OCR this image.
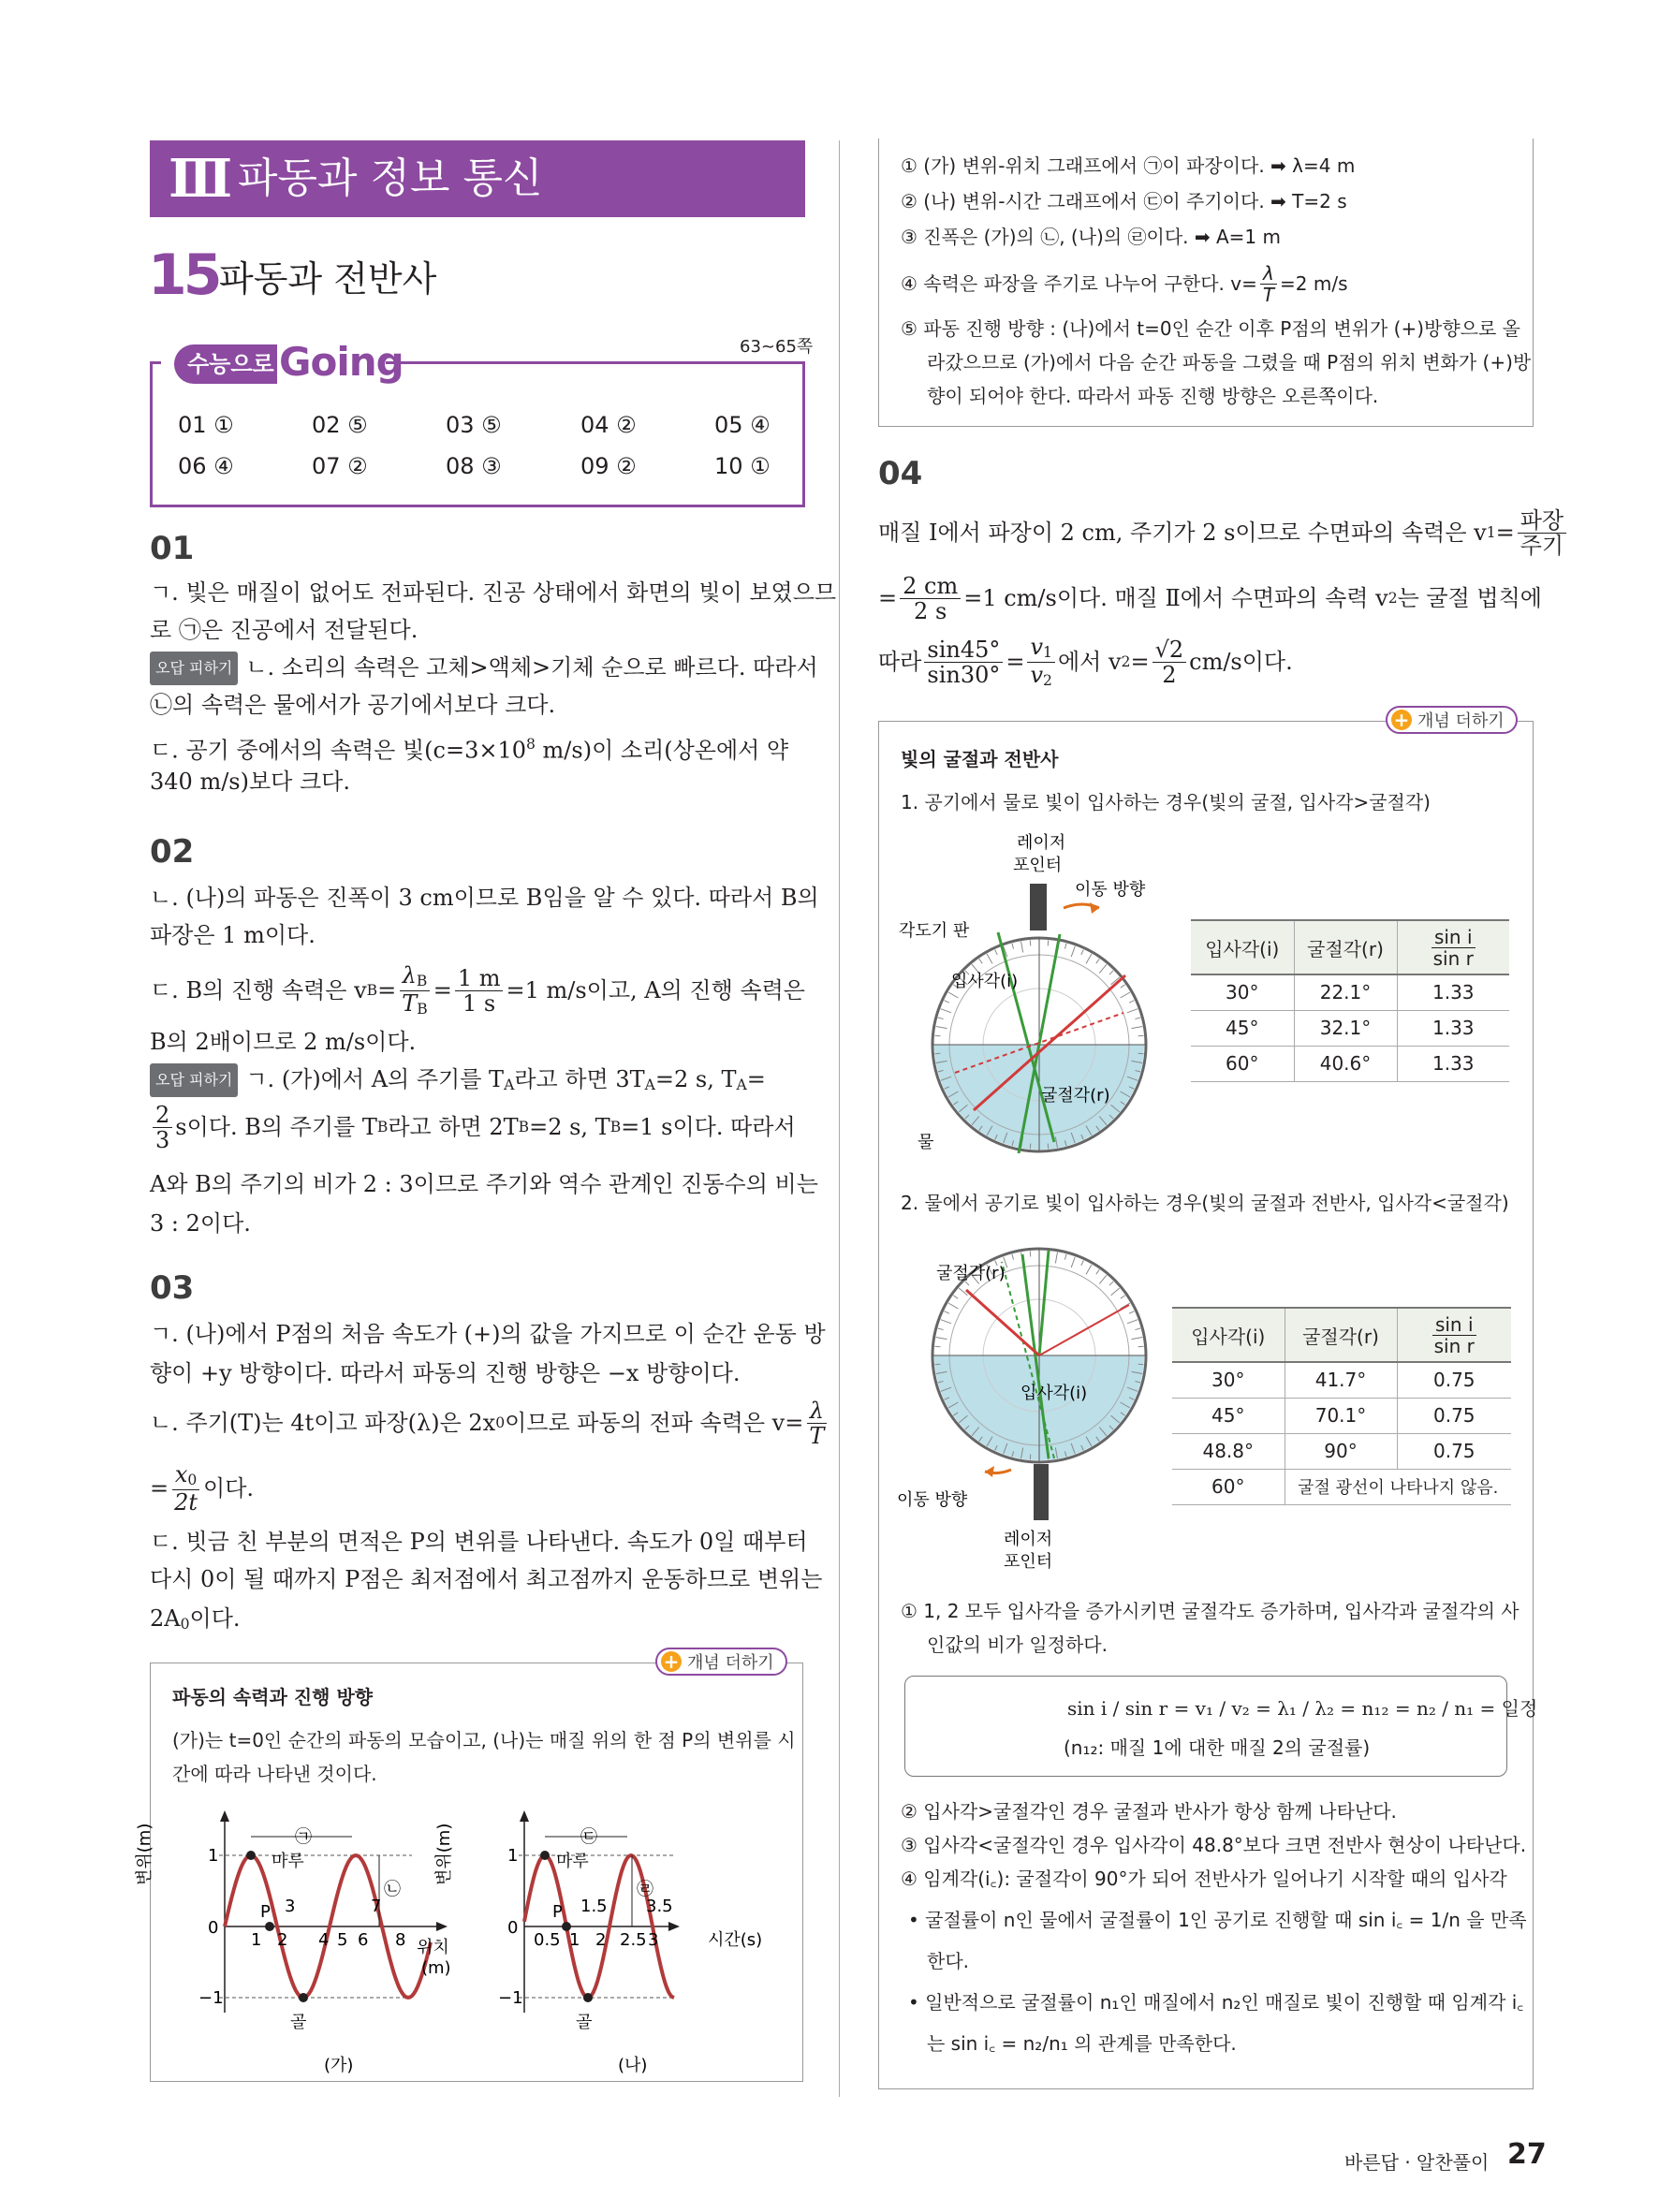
Ⅲ 파동과 정보 통신
15 파동과 전반사
수능으로 Going	63~65쪽
01 ①	02 ⑤	03 ⑤	04 ②	05 ④
06 ④	07 ②	08 ③	09 ②	10 ①
01
ㄱ. 빛은 매질이 없어도 전파된다. 진공 상태에서 화면의 빛이 보였으므
로 ㉠은 진공에서 전달된다.
오답 피하기 ㄴ. 소리의 속력은 고체>액체>기체 순으로 빠르다. 따라서
㉡의 속력은 물에서가 공기에서보다 크다.
ㄷ. 공기 중에서의 속력은 빛($c=3\times 10^8$ m/s)이 소리(상온에서 약
340 m/s)보다 크다.
02
ㄴ. (나)의 파동은 진폭이 3 cm이므로 B임을 알 수 있다. 따라서 B의
파장은 1 m이다.
ㄷ. B의 진행 속력은 v $B = \frac{\lambda_B}{T_B} = \frac{1 m}{1 s} =1$ m/s이고, A의 진행 속력은
B의 2배이므로 2 m/s이다.
오답 피하기 ㄱ. (가)에서 A의 주기를 $T_A$라고 하면 $3T_A=2$ s, $T_A=$
$\frac{2}{3}$ s이다. B의 주기를 T B 라고 하면 2T B =2 s, T B =1 s이다. 따라서
A와 B의 주기의 비가 2 : 3이므로 주기와 역수 관계인 진동수의 비는
3 : 2이다.
03
ㄱ. (나)에서 P점의 처음 속도가 (+)의 값을 가지므로 이 순간 운동 방
향이 +y 방향이다. 따라서 파동의 진행 방향은 −x 방향이다.
ㄴ. 주기(T)는 4t이고 파장(λ)은 2x 0 이므로 파동의 전파 속력은 $v= \frac{\lambda}{T}$
= $\frac{x_0}{2t}$ 이다.
ㄷ. 빗금 친 부분의 면적은 P의 변위를 나타낸다. 속도가 0일 때부터
다시 0이 될 때까지 P점은 최저점에서 최고점까지 운동하므로 변위는
$2A_0$이다.
+ 개념 더하기
파동의 속력과 진행 방향
(가)는 t=0인 순간의 파동의 모습이고, (나)는 매질 위의 한 점 P의 변위를 시
간에 따라 나타낸 것이다.
변위(m)	1
0
−1
마루
골
㉠
㉡
P
1 2
3
4 5 6
7
8 위치
(m)
(가)
변위(m)	1
0
−1
마루
골
㉢
㉣
P
0.5 1
1.5
2 2.5 3
3.5
시간(s)
(나)
① (가) 변위-위치 그래프에서 ㉠이 파장이다. ➡ λ=4 m
② (나) 변위-시간 그래프에서 ㉢이 주기이다. ➡ T=2 s
③ 진폭은 (가)의 ㉡, (나)의 ㉣이다. ➡ A=1 m
④ 속력은 파장을 주기로 나누어 구한다. $v= \frac{\lambda}{T} =2$ m/s
⑤ 파동 진행 방향 : (나)에서 t=0인 순간 이후 P점의 변위가 (+)방향으로 올
라갔으므로 (가)에서 다음 순간 파동을 그렸을 때 P점의 위치 변화가 (+)방
향이 되어야 한다. 따라서 파동 진행 방향은 오른쪽이다.
04
매질 Ⅰ에서 파장이 2 cm, 주기가 2 s이므로 수면파의 속력은 v $1 = \frac{\text{파장}}{\text{주기}}$
= $\frac{2 cm}{2 s} =1$ cm/s이다. 매질 Ⅱ에서 수면파의 속력 v 2 는 굴절 법칙에
따라 $\frac{\sin 45^\circ}{\sin 30^\circ} = \frac{v_1}{v_2}$ 에서 v $2 = \frac{√2}{2} cm/s$이다.
+ 개념 더하기
빛의 굴절과 전반사
1. 공기에서 물로 빛이 입사하는 경우(빛의 굴절, 입사각>굴절각)
레이저
포인터
이동 방향
각도기 판
입사각(i)
굴절각(r)
물
입사각(i)	굴절각(r)	$\frac{\text{sin i}}{\text{sin r}}$

30°	22.1°	1.33
45°	32.1°	1.33
60°	40.6°	1.33
2. 물에서 공기로 빛이 입사하는 경우(빛의 굴절과 전반사, 입사각<굴절각)
굴절각(r)
입사각(i)
이동 방향
레이저
포인터
입사각(i)	굴절각(r)	$\frac{\text{sin i}}{\text{sin r}}$

30°	41.7°	0.75
45°	70.1°	0.75
48.8°	90°	0.75
60°	굴절 광선이 나타나지 않음.	
① 1, 2 모두 입사각을 증가시키면 굴절각도 증가하며, 입사각과 굴절각의 사
인값의 비가 일정하다.
sin i / sin r = v₁ / v₂ = λ₁ / λ₂ = n₁₂ = n₂ / n₁ = 일정
(n₁₂: 매질 1에 대한 매질 2의 굴절률)
② 입사각>굴절각인 경우 굴절과 반사가 항상 함께 나타난다.
③ 입사각<굴절각인 경우 입사각이 48.8°보다 크면 전반사 현상이 나타난다.
④ 임계각(i꜀): 굴절각이 90°가 되어 전반사가 일어나기 시작할 때의 입사각
• 굴절률이 n인 물에서 굴절률이 1인 공기로 진행할 때 sin i꜀ = 1/n 을 만족
한다.
• 일반적으로 굴절률이 n₁인 매질에서 n₂인 매질로 빛이 진행할 때 임계각 i꜀
는 sin i꜀ = n₂/n₁ 의 관계를 만족한다.
바른답 · 알찬풀이 27
